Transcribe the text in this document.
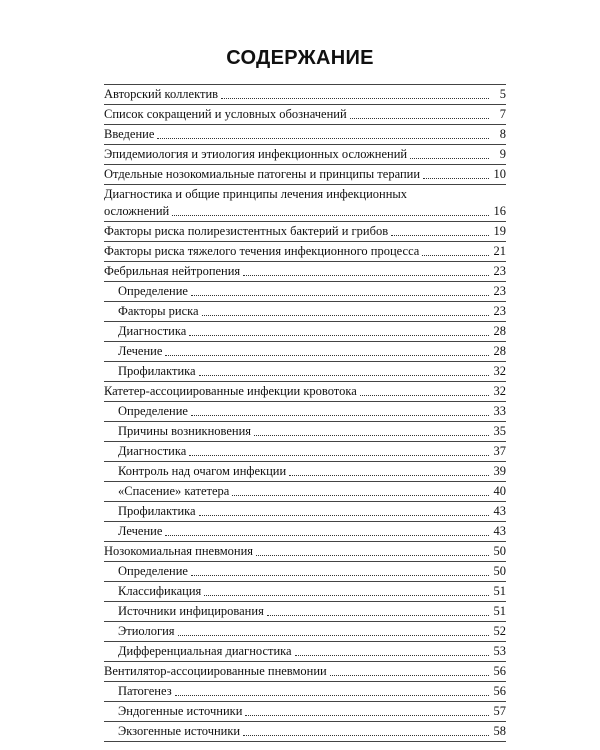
СОДЕРЖАНИЕ
Авторский коллектив	5
Список сокращений и условных обозначений	7
Введение	8
Эпидемиология и этиология инфекционных осложнений	9
Отдельные нозокомиальные патогены и принципы терапии	10
Диагностика и общие принципы лечения инфекционных
осложнений	16
Факторы риска полирезистентных бактерий и грибов	19
Факторы риска тяжелого течения инфекционного процесса	21
Фебрильная нейтропения	23
Определение	23
Факторы риска	23
Диагностика	28
Лечение	28
Профилактика	32
Катетер-ассоциированные инфекции кровотока	32
Определение	33
Причины возникновения	35
Диагностика	37
Контроль над очагом инфекции	39
«Спасение» катетера	40
Профилактика	43
Лечение	43
Нозокомиальная пневмония	50
Определение	50
Классификация	51
Источники инфицирования	51
Этиология	52
Дифференциальная диагностика	53
Вентилятор-ассоциированные пневмонии	56
Патогенез	56
Эндогенные источники	57
Экзогенные источники	58
